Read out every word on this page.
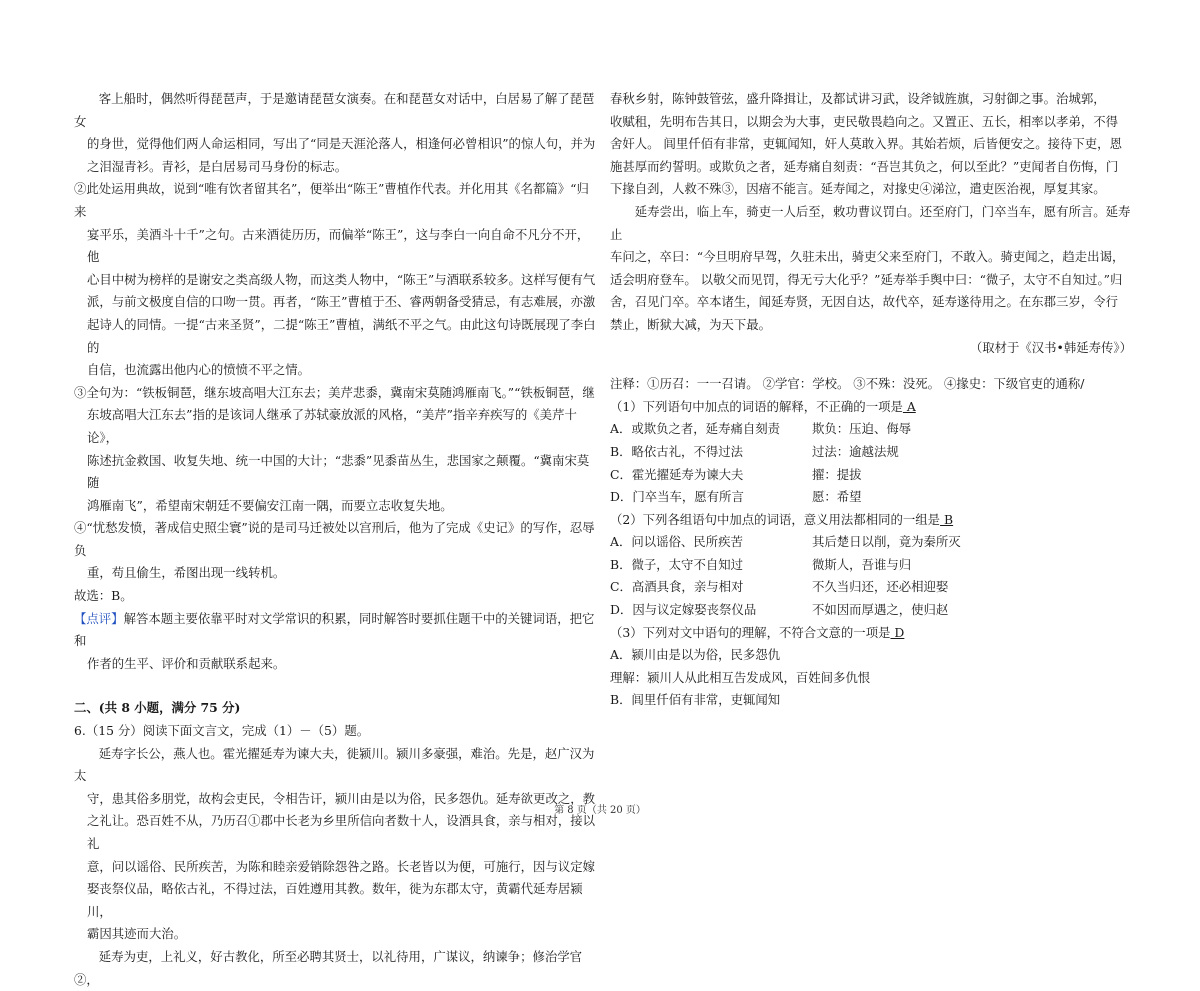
客上船时，偶然听得琵琶声，于是邀请琵琶女演奏。在和琵琶女对话中，白居易了解了琵琶女

的身世，觉得他们两人命运相同，写出了“同是天涯沦落人，相逢何必曾相识”的惊人句，并为

之泪湿青衫。青衫，是白居易司马身份的标志。

②此处运用典故，说到“唯有饮者留其名”，便举出“陈王”曹植作代表。并化用其《名都篇》“归来

宴平乐，美酒斗十千”之句。古来酒徒历历，而偏举“陈王”，这与李白一向自命不凡分不开，他

心目中树为榜样的是谢安之类高级人物，而这类人物中，“陈王”与酒联系较多。这样写便有气

派，与前文极度自信的口吻一贯。再者，“陈王”曹植于丕、睿两朝备受猜忌，有志难展，亦激

起诗人的同情。一提“古来圣贤”，二提“陈王”曹植，满纸不平之气。由此这句诗既展现了李白的

自信，也流露出他内心的愤愤不平之情。

③全句为：“铁板铜琶，继东坡高唱大江东去；美芹悲黍，冀南宋莫随鸿雁南飞。”“铁板铜琶，继

东坡高唱大江东去”指的是该词人继承了苏轼豪放派的风格，“美芹”指辛弃疾写的《美芹十论》，

陈述抗金救国、收复失地、统一中国的大计；“悲黍”见黍苗丛生，悲国家之颠覆。“冀南宋莫随

鸿雁南飞”，希望南宋朝廷不要偏安江南一隅，而要立志收复失地。

④“忧愁发愤，著成信史照尘寰”说的是司马迁被处以宫刑后，他为了完成《史记》的写作，忍辱负

重，苟且偷生，希图出现一线转机。

故选：B。

【点评】解答本题主要依靠平时对文学常识的积累，同时解答时要抓住题干中的关键词语，把它和

作者的生平、评价和贡献联系起来。

二、(共 8 小题，满分 75 分)

6.（15 分）阅读下面文言文，完成（1）－（5）题。

延寿字长公，燕人也。霍光擢延寿为谏大夫，徙颍川。颍川多豪强，难治。先是，赵广汉为太

守，患其俗多朋党，故构会吏民，令相告讦，颍川由是以为俗，民多怨仇。延寿欲更改之，教

之礼让。恐百姓不从，乃历召①郡中长老为乡里所信向者数十人，设酒具食，亲与相对，接以礼

意，问以谣俗、民所疾苦，为陈和睦亲爱销除怨咎之路。长老皆以为便，可施行，因与议定嫁

娶丧祭仪品，略依古礼，不得过法，百姓遵用其教。数年，徙为东郡太守，黄霸代延寿居颍川，

霸因其迹而大治。

延寿为吏，上礼义，好古教化，所至必聘其贤士，以礼待用，广谋议，纳谏争；修治学官②，

春秋乡射，陈钟鼓管弦，盛升降揖让，及都试讲习武，设斧钺旌旗，习射御之事。治城郭，

收赋租，先明布告其日，以期会为大事，吏民敬畏趋向之。又置正、五长，相率以孝弟，不得

舍奸人。 闾里仟佰有非常，吏辄闻知，奸人莫敢入界。其始若烦，后皆便安之。接待下吏，恩

施甚厚而约誓明。或欺负之者，延寿痛自刻责：“吾岂其负之，何以至此？”吏闻者自伤悔，门

下掾自刭，人救不殊③，因瘖不能言。延寿闻之，对掾史④涕泣，遣吏医治视，厚复其家。

延寿尝出，临上车，骑吏一人后至，敕功曹议罚白。还至府门，门卒当车，愿有所言。延寿止

车问之，卒曰：“今旦明府早驾，久驻未出，骑吏父来至府门，不敢入。骑吏闻之，趋走出谒，

适会明府登车。 以敬父而见罚，得无亏大化乎？”延寿举手舆中曰：“微子，太守不自知过。”归

舍，召见门卒。卒本诸生，闻延寿贤，无因自达，故代卒，延寿遂待用之。在东郡三岁，令行

禁止，断狱大减，为天下最。

（取材于《汉书•韩延寿传》）

注释：①历召：一一召请。 ②学官：学校。 ③不殊：没死。 ④掾史：下级官吏的通称/

（1）下列语句中加点的词语的解释，不正确的一项是 A

A．或欺负之者，延寿痛自刻责	欺负：压迫、侮辱
B．略依古礼，不得过法	过法：逾越法规
C．霍光擢延寿为谏大夫	擢：提拔
D．门卒当车，愿有所言	愿：希望

（2）下列各组语句中加点的词语，意义用法都相同的一组是 B

A．问以谣俗、民所疾苦	其后楚日以削，竟为秦所灭
B．微子，太守不自知过	微斯人，吾谁与归
C．高酒具食，亲与相对	不久当归还，还必相迎娶
D．因与议定嫁娶丧祭仪品	不如因而厚遇之，使归赵

（3）下列对文中语句的理解，不符合文意的一项是 D

A．颍川由是以为俗，民多怨仇

理解：颍川人从此相互告发成风，百姓间多仇恨

B．闾里仟佰有非常，吏辄闻知

第 8 页（共 20 页）
